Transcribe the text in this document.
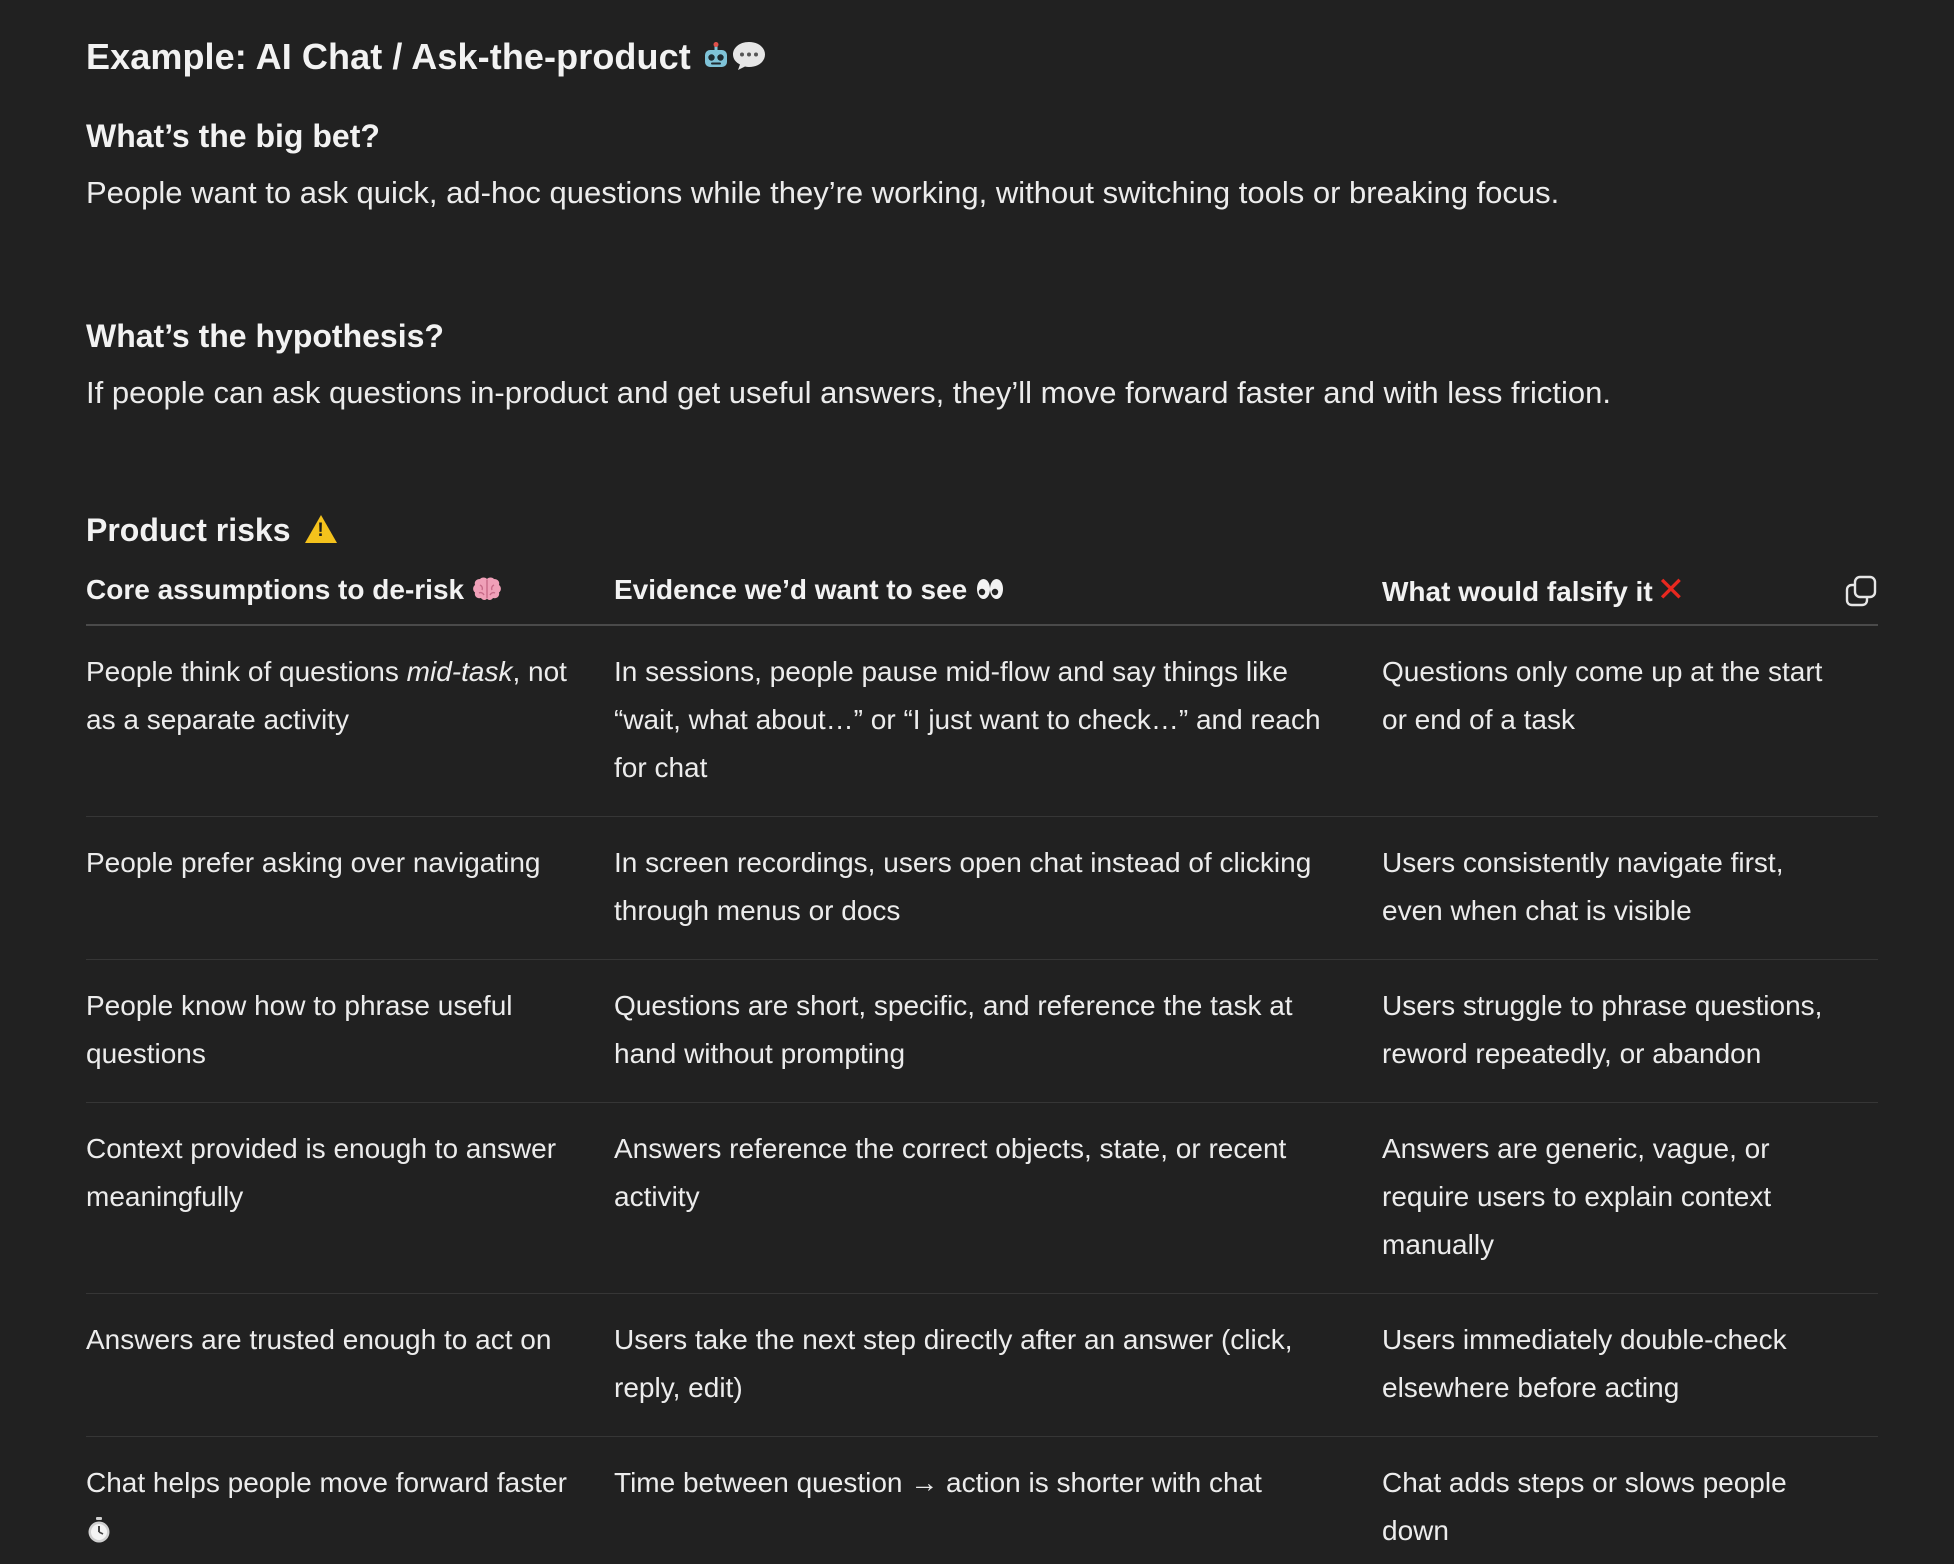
Example: AI Chat / Ask-the-product
What’s the big bet?
People want to ask quick, ad-hoc questions while they’re working, without switching tools or breaking focus.
What’s the hypothesis?
If people can ask questions in-product and get useful answers, they’ll move forward faster and with less friction.
Product risks !
Core assumptions to de-risk	Evidence we’d want to see	What would falsify it ✕

People think of questions mid-task, not as a separate activity	In sessions, people pause mid-flow and say things like “wait, what about…” or “I just want to check…” and reach for chat	Questions only come up at the start or end of a task
People prefer asking over navigating	In screen recordings, users open chat instead of clicking through menus or docs	Users consistently navigate first, even when chat is visible
People know how to phrase useful questions	Questions are short, specific, and reference the task at hand without prompting	Users struggle to phrase questions, reword repeatedly, or abandon
Context provided is enough to answer meaningfully	Answers reference the correct objects, state, or recent activity	Answers are generic, vague, or require users to explain context manually
Answers are trusted enough to act on	Users take the next step directly after an answer (click, reply, edit)	Users immediately double-check elsewhere before acting
Chat helps people move forward faster	Time between question → action is shorter with chat	Chat adds steps or slows people down
